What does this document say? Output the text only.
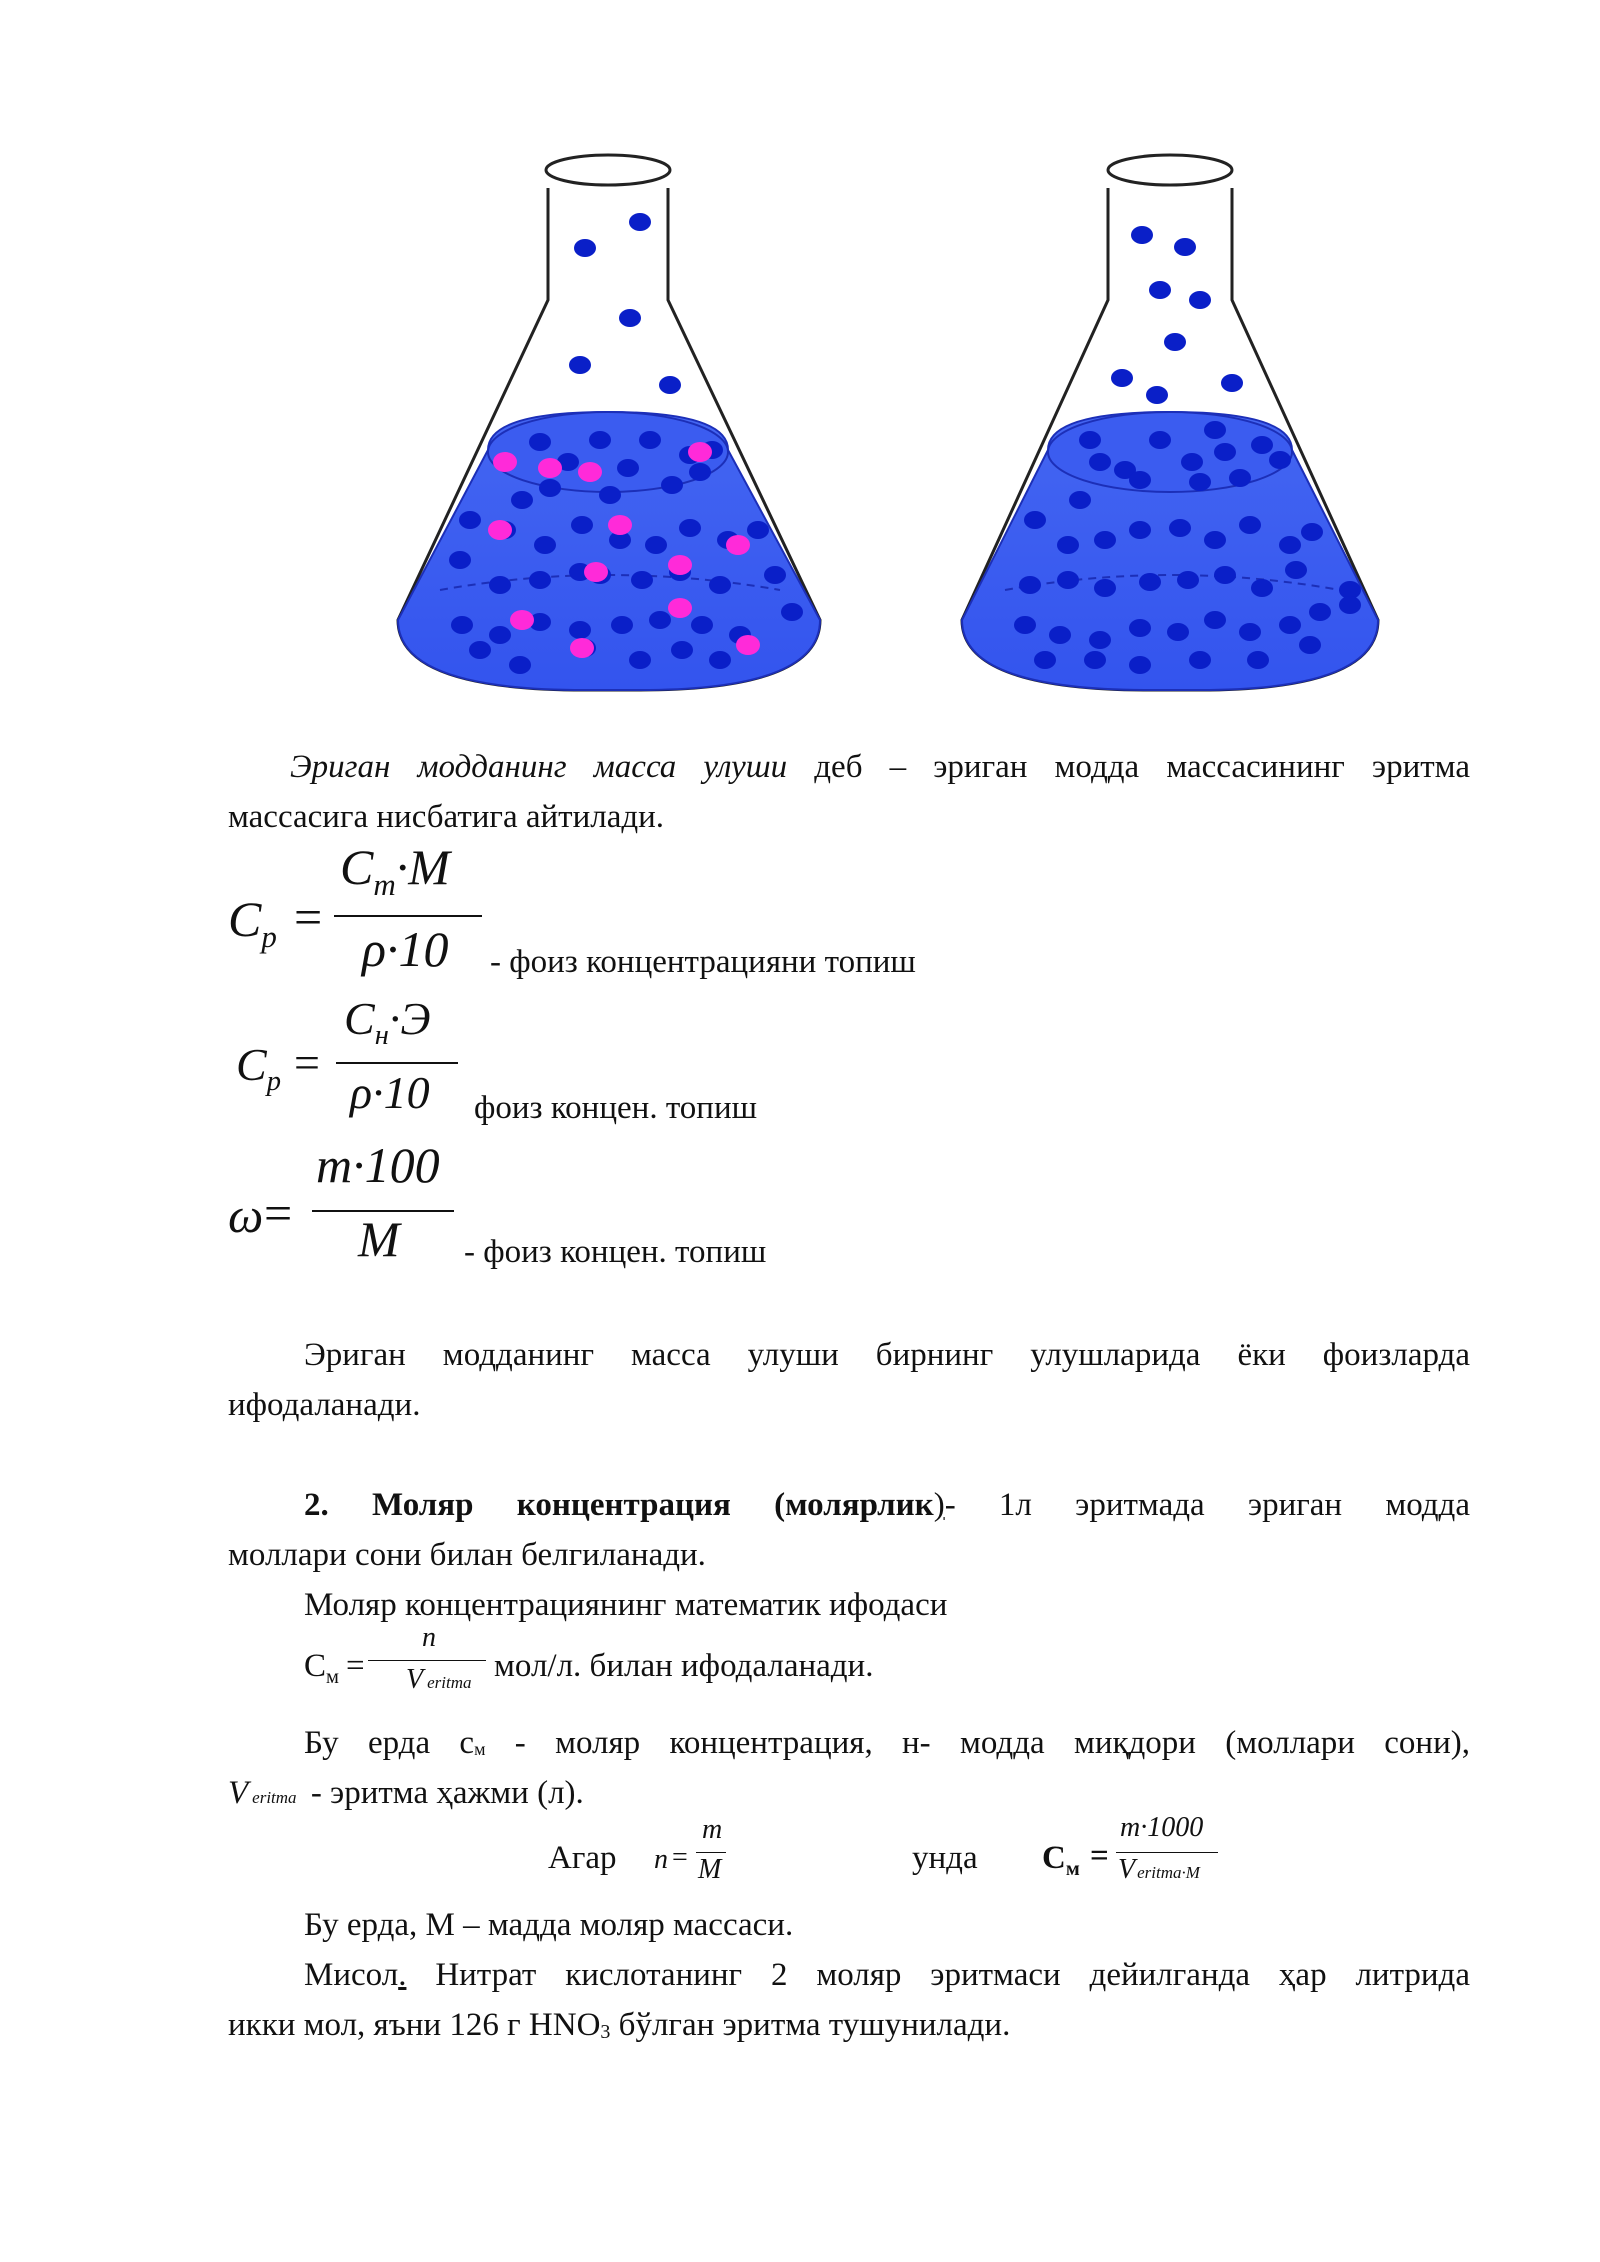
Эриган модданинг масса улуши деб – эриган модда массасининг эритма
массасига нисбатига айтилади.
$C_p$ =
$C_m\cdot M$
ρ·10 - фоиз концентрацияни топиш
$C_p$ =
$C_н\cdot Э$
ρ·10 фоиз концен. топиш
ω =
m·100
M - фоиз концен. топиш
Эриган модданинг масса улуши бирнинг улушларида ёки фоизларда
ифодаланади.
2. Моляр концентрация (молярлик)- 1л эритмада эриган модда
моллари сони билан белгиланади.
Моляр концентрациянинг математик ифодаси
$С_м$ =
n
Veritma мол/л. билан ифодаланади.
Бу ерда см - моляр концентрация, н- модда миқдори (моллари сони),
Veritma - эритма ҳажми (л).
Агар n =
m
M	унда $С_м$ =
m·1000
Veritma·M
Бу ерда, М – мадда моляр массаси.
Мисол. Нитрат кислотанинг 2 моляр эритмаси дейилганда ҳар литрида
икки мол, яъни 126 г HNO3 бўлган эритма тушунилади.
